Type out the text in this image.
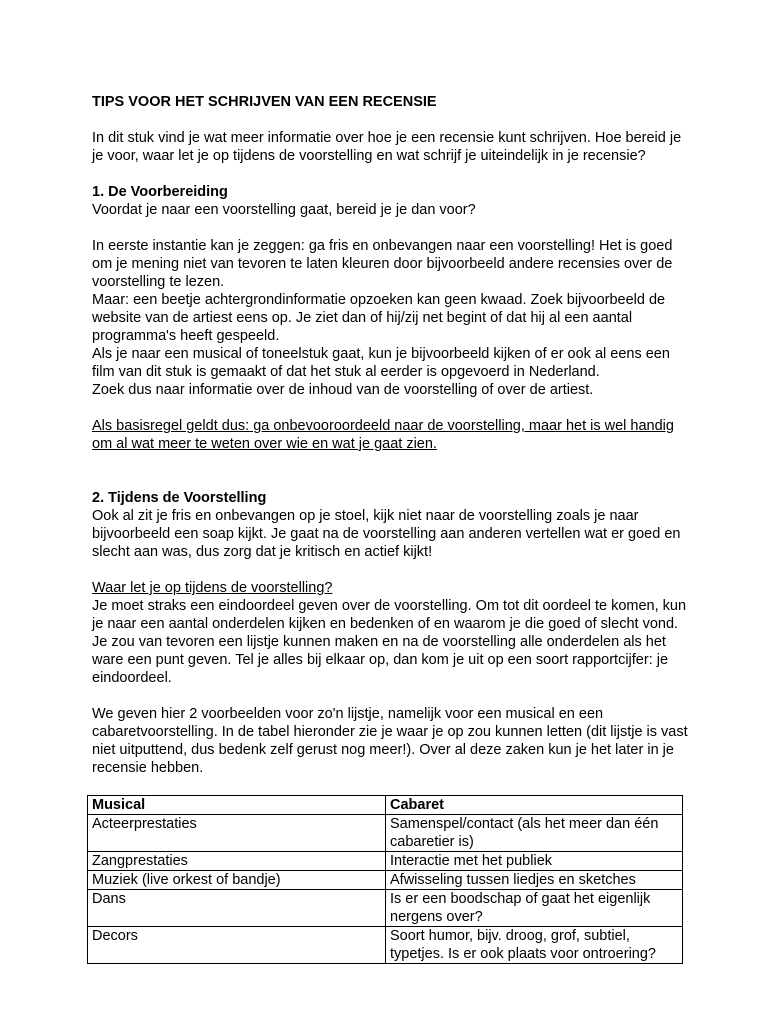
TIPS VOOR HET SCHRIJVEN VAN EEN RECENSIE

In dit stuk vind je wat meer informatie over hoe je een recensie kunt schrijven. Hoe bereid je je voor, waar let je op tijdens de voorstelling en wat schrijf je uiteindelijk in je recensie?

1. De Voorbereiding

Voordat je naar een voorstelling gaat, bereid je je dan voor?

In eerste instantie kan je zeggen: ga fris en onbevangen naar een voorstelling! Het is goed om je mening niet van tevoren te laten kleuren door bijvoorbeeld andere recensies over de voorstelling te lezen.

Maar: een beetje achtergrondinformatie opzoeken kan geen kwaad. Zoek bijvoorbeeld de website van de artiest eens op. Je ziet dan of hij/zij net begint of dat hij al een aantal programma's heeft gespeeld.

Als je naar een musical of toneelstuk gaat, kun je bijvoorbeeld kijken of er ook al eens een film van dit stuk is gemaakt of dat het stuk al eerder is opgevoerd in Nederland.

Zoek dus naar informatie over de inhoud van de voorstelling of over de artiest.

Als basisregel geldt dus: ga onbevooroordeeld naar de voorstelling, maar het is wel handig om al wat meer te weten over wie en wat je gaat zien.

2. Tijdens de Voorstelling

Ook al zit je fris en onbevangen op je stoel, kijk niet naar de voorstelling zoals je naar bijvoorbeeld een soap kijkt. Je gaat na de voorstelling aan anderen vertellen wat er goed en slecht aan was, dus zorg dat je kritisch en actief kijkt!

Waar let je op tijdens de voorstelling?

Je moet straks een eindoordeel geven over de voorstelling. Om tot dit oordeel te komen, kun je naar een aantal onderdelen kijken en bedenken of en waarom je die goed of slecht vond. Je zou van tevoren een lijstje kunnen maken en na de voorstelling alle onderdelen als het ware een punt geven. Tel je alles bij elkaar op, dan kom je uit op een soort rapportcijfer: je eindoordeel.

We geven hier 2 voorbeelden voor zo'n lijstje, namelijk voor een musical en een cabaretvoorstelling. In de tabel hieronder zie je waar je op zou kunnen letten (dit lijstje is vast niet uitputtend, dus bedenk zelf gerust nog meer!). Over al deze zaken kun je het later in je recensie hebben.

Musical	Cabaret
Acteerprestaties	Samenspel/contact (als het meer dan één cabaretier is)
Zangprestaties	Interactie met het publiek
Muziek (live orkest of bandje)	Afwisseling tussen liedjes en sketches
Dans	Is er een boodschap of gaat het eigenlijk nergens over?
Decors	Soort humor, bijv. droog, grof, subtiel, typetjes. Is er ook plaats voor ontroering?
